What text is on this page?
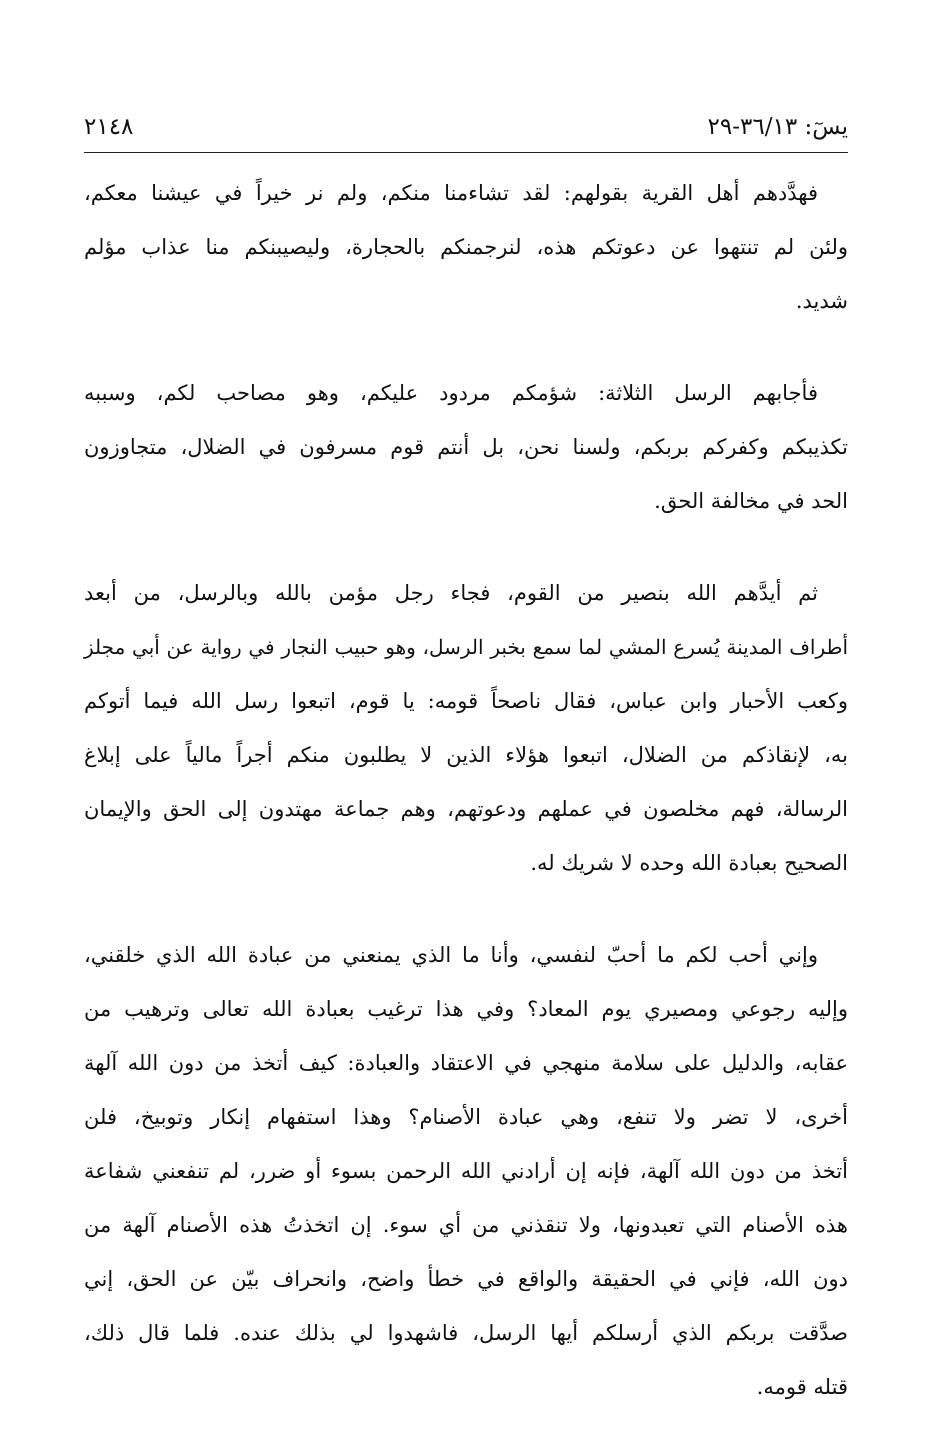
يسٓ: ٣٦/١٣-٢٩
٢١٤٨

فهدَّدهم أهل القرية بقولهم: لقد تشاءمنا منكم، ولم نر خيراً في عيشنا معكم،
ولئن لم تنتهوا عن دعوتكم هذه، لنرجمنكم بالحجارة، وليصيبنكم منا عذاب مؤلم
شديد.

فأجابهم الرسل الثلاثة: شؤمكم مردود عليكم، وهو مصاحب لكم، وسببه
تكذيبكم وكفركم بربكم، ولسنا نحن، بل أنتم قوم مسرفون في الضلال، متجاوزون
الحد في مخالفة الحق.

ثم أيدَّهم الله بنصير من القوم، فجاء رجل مؤمن بالله وبالرسل، من أبعد
أطراف المدينة يُسرع المشي لما سمع بخبر الرسل، وهو حبيب النجار في رواية عن أبي مجلز
وكعب الأحبار وابن عباس، فقال ناصحاً قومه: يا قوم، اتبعوا رسل الله فيما أتوكم
به، لإنقاذكم من الضلال، اتبعوا هؤلاء الذين لا يطلبون منكم أجراً مالياً على إبلاغ
الرسالة، فهم مخلصون في عملهم ودعوتهم، وهم جماعة مهتدون إلى الحق والإيمان
الصحيح بعبادة الله وحده لا شريك له.

وإني أحب لكم ما أحبّ لنفسي، وأنا ما الذي يمنعني من عبادة الله الذي خلقني،
وإليه رجوعي ومصيري يوم المعاد؟ وفي هذا ترغيب بعبادة الله تعالى وترهيب من
عقابه، والدليل على سلامة منهجي في الاعتقاد والعبادة: كيف أتخذ من دون الله آلهة
أخرى، لا تضر ولا تنفع، وهي عبادة الأصنام؟ وهذا استفهام إنكار وتوبيخ، فلن
أتخذ من دون الله آلهة، فإنه إن أرادني الله الرحمن بسوء أو ضرر، لم تنفعني شفاعة
هذه الأصنام التي تعبدونها، ولا تنقذني من أي سوء. إن اتخذتُ هذه الأصنام آلهة من
دون الله، فإني في الحقيقة والواقع في خطأ واضح، وانحراف بيّن عن الحق، إني
صدَّقت بربكم الذي أرسلكم أيها الرسل، فاشهدوا لي بذلك عنده. فلما قال ذلك،
قتله قومه.
